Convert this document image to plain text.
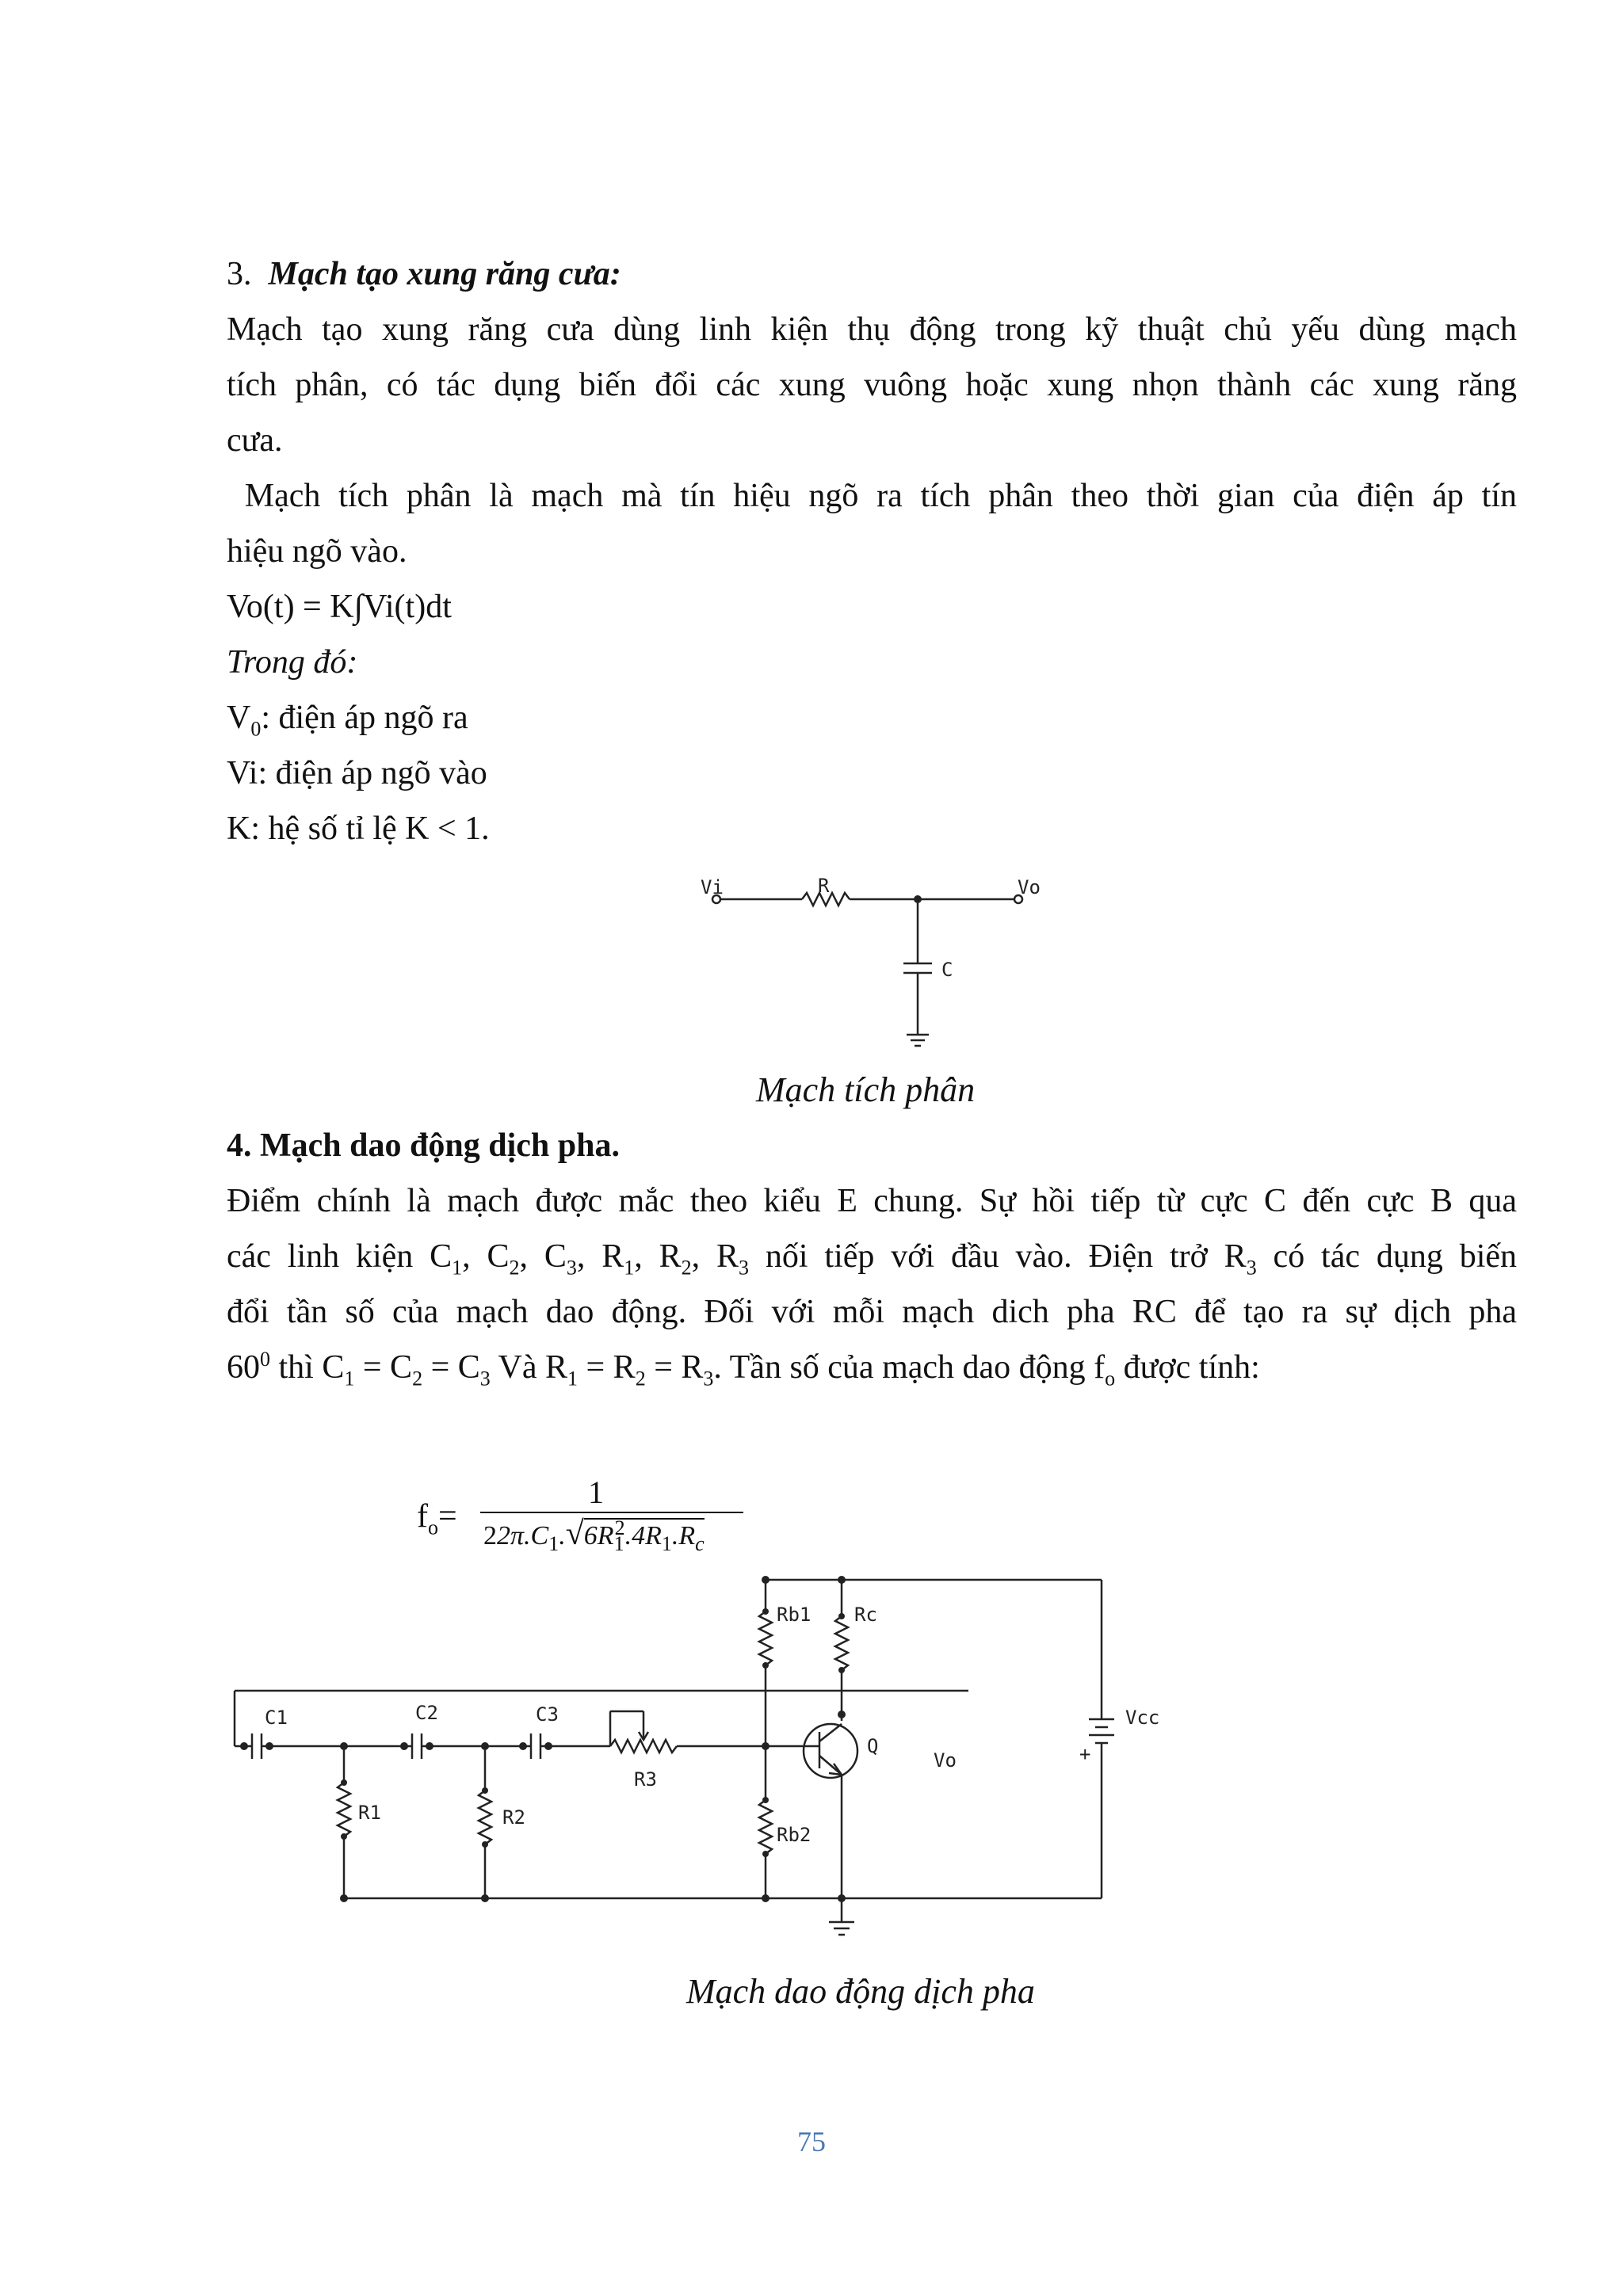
3. Mạch tạo xung răng cưa:
Mạch tạo xung răng cưa dùng linh kiện thụ động trong kỹ thuật chủ yếu dùng mạch
tích phân, có tác dụng biến đổi các xung vuông hoặc xung nhọn thành các xung răng
cưa.
Mạch tích phân là mạch mà tín hiệu ngõ ra tích phân theo thời gian của điện áp tín
hiệu ngõ vào.
Vo(t) = K∫Vi(t)dt
Trong đó:
$V_0$: điện áp ngõ ra
Vi: điện áp ngõ vào
K: hệ số tỉ lệ K < 1.
Vi	R	Vo
C
Mạch tích phân
4. Mạch dao động dịch pha.
Điểm chính là mạch được mắc theo kiểu E chung. Sự hồi tiếp từ cực C đến cực B qua
các linh kiện $C_1$, $C_2$, $C_3$, $R_1$, $R_2$, $R_3$ nối tiếp với đầu vào. Điện trở $R_3$ có tác dụng biến
đổi tần số của mạch dao động. Đối với mỗi mạch dich pha RC để tạo ra sự dịch pha
$60^0$ thì $C_1 = C_2 = C_3$ Và $R_1 = R_2 = R_3$. Tần số của mạch dao động $f_o$ được tính:
$f_o=$
1
$22\pi.C_1.√6R_1^2.4R_1.R_c$
C1	C2	C3
R1	R2
R3
Rb1
Rb2
Rc
Q
Vo
Vcc
+
Mạch dao động dịch pha
75
